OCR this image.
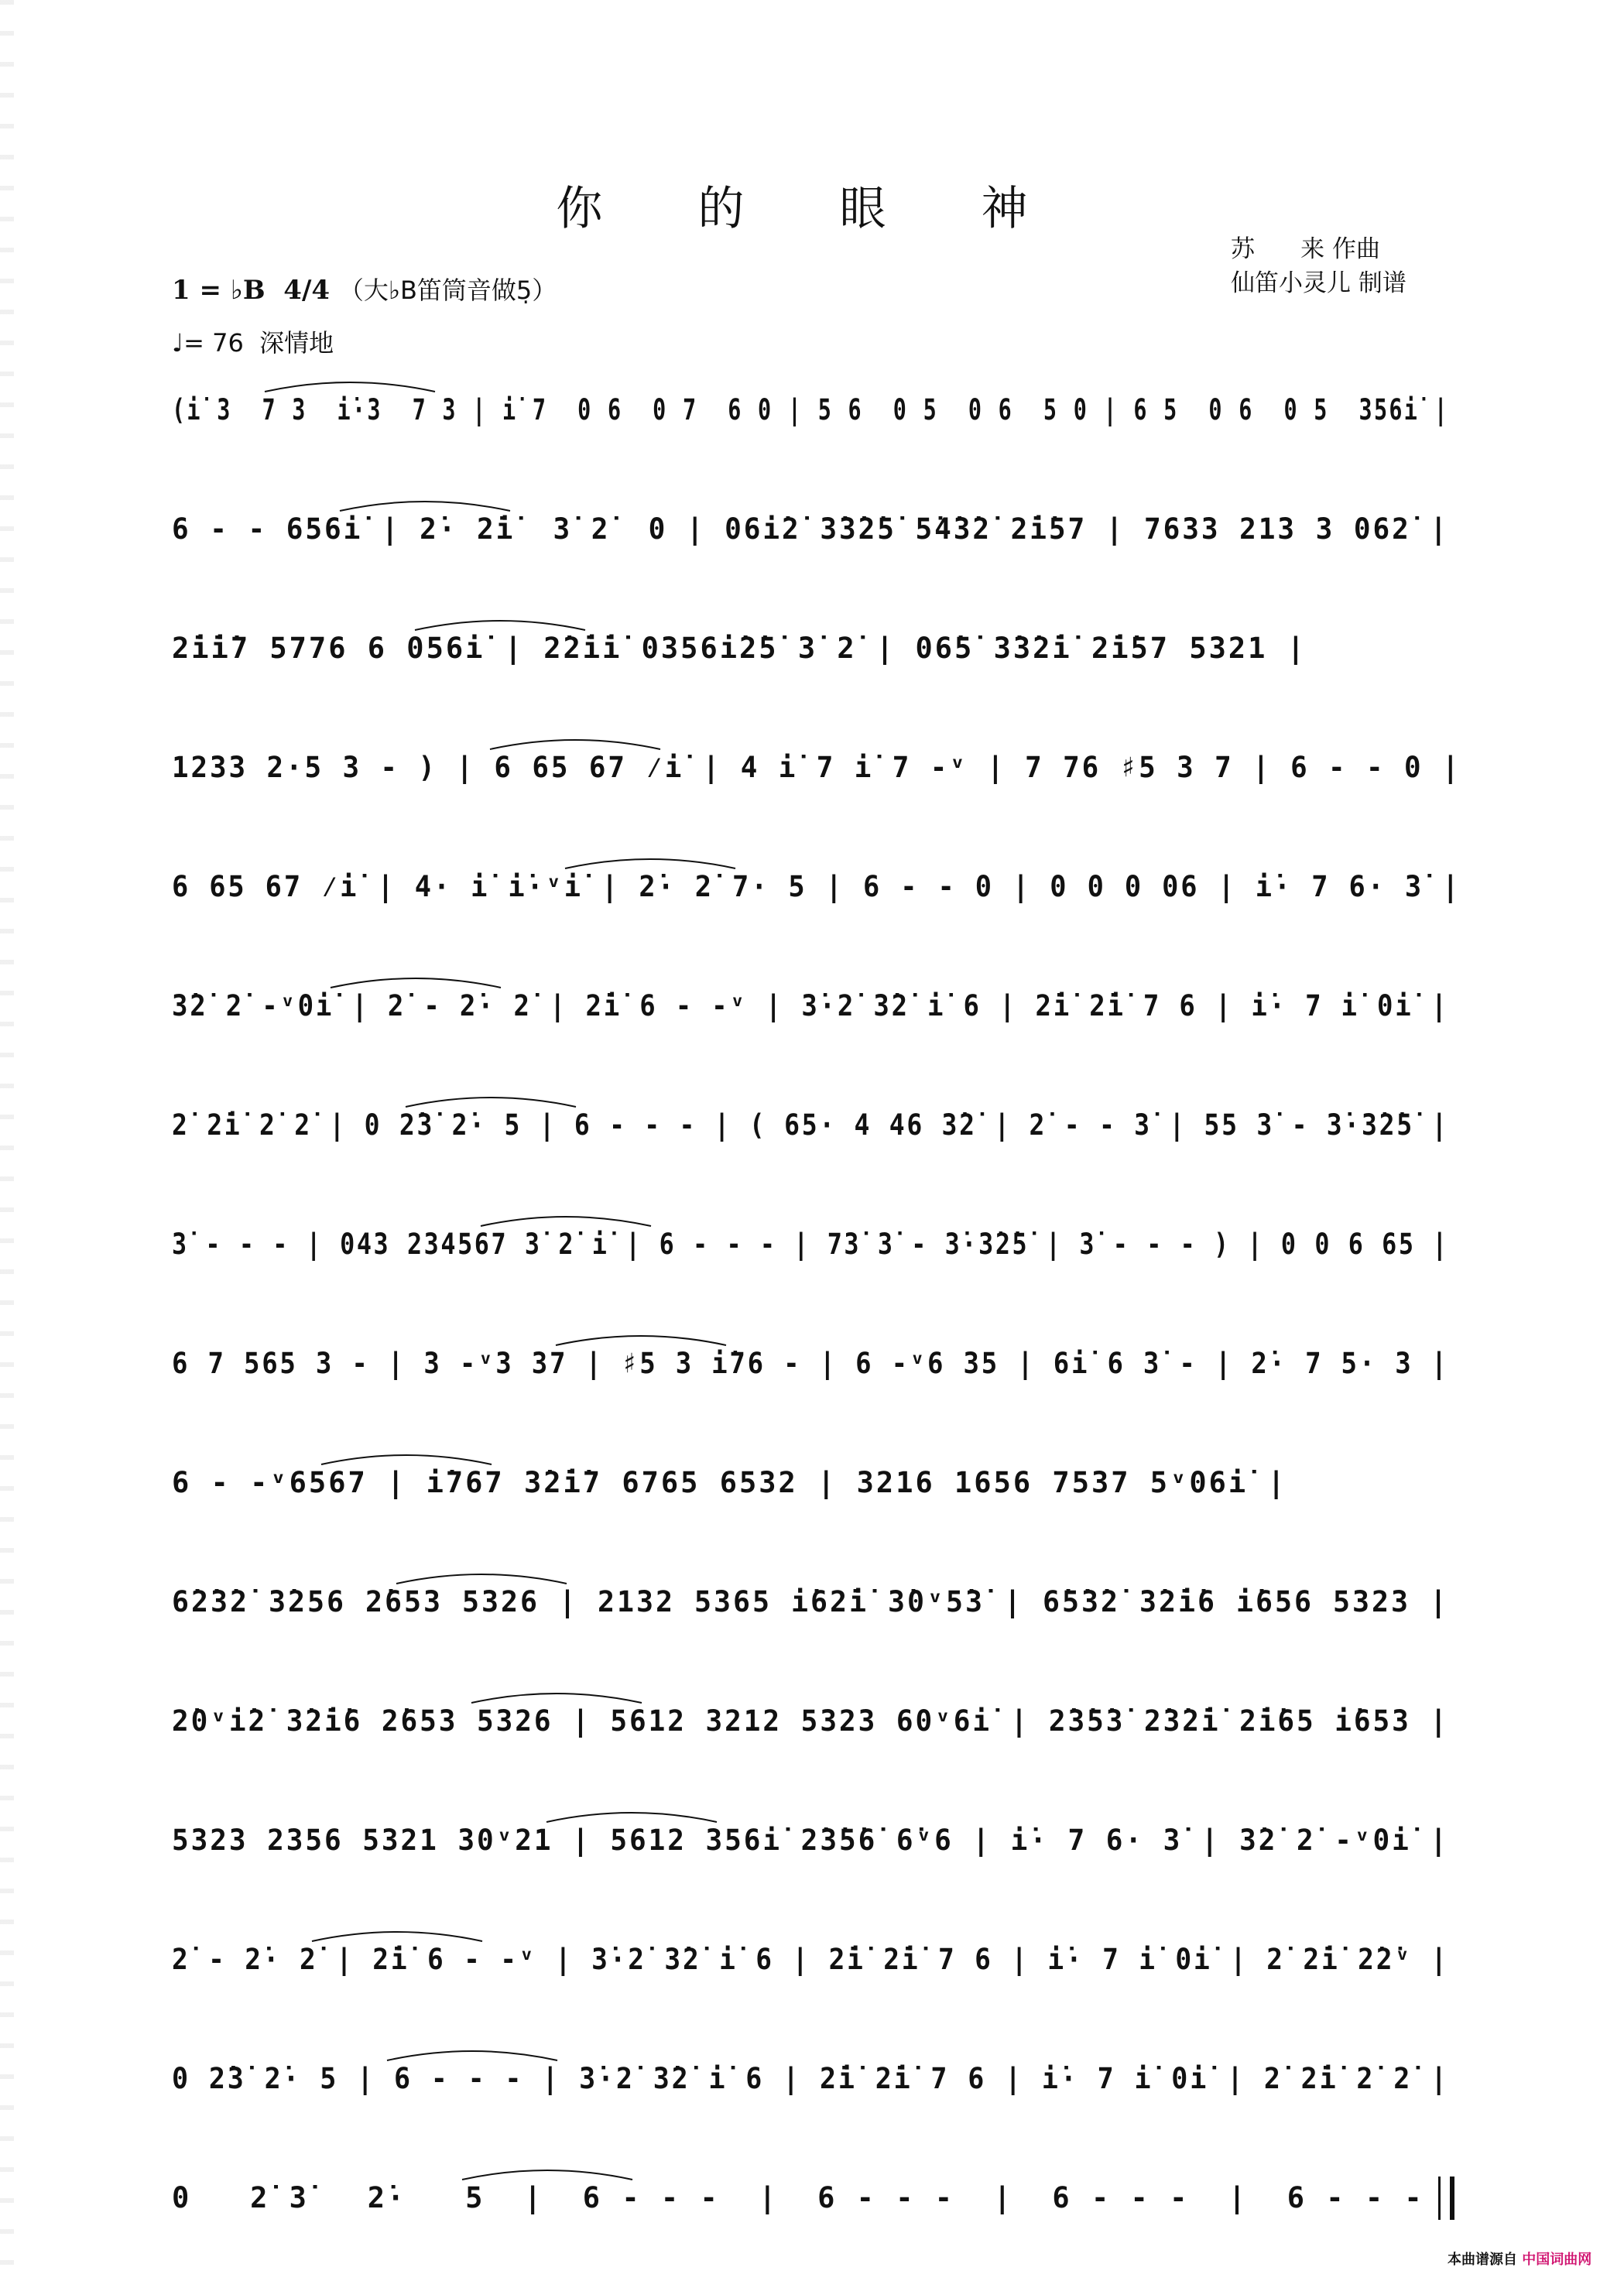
你 的 眼 神
苏      来 作曲
仙笛小灵儿 制谱
1 = ♭B 4/4 （大♭B笛筒音做5̣）
♩= 76 深情地
(i̇ 3  7 3  i̇·3  7 3 | i̇ 7  0 6  0 7  6 0 | 5 6  0 5  0 6  5 0 | 6 5  0 6  0 5  356i̇ |
6 - - 656i̇ | 2̇· 2̇i̇  3̇ 2̇  0 | 06i̇2̇ 3̇3̇2̇5̇ 5̇4̇3̇2̇ 2̇i̇57 | 7633 213 3 062̇ |
2̇i̇i̇7 5776 6 056i̇ | 2̇2̇i̇i̇ 0356i̇2̇5̇ 3̇ 2̇ | 06̇5̇ 3̇3̇2̇i̇ 2̇i̇57 5321 |
1233 2·5 3 - ) | 6 65 67 ⁄i̇ | 4 i̇ 7 i̇ 7 -ᵛ | 7 76 ♯5 3 7 | 6 - - 0 |
6 65 67 ⁄i̇ | 4· i̇ i̇·ᵛi̇ | 2̇· 2̇ 7· 5 | 6 - - 0 | 0 0 0 06 | i̇· 7 6· 3̇ |
3̇2̇ 2̇ -ᵛ0i̇ | 2̇ - 2̇· 2̇ | 2̇i̇ 6 - -ᵛ | 3̇·2̇ 3̇2̇ i̇ 6 | 2̇i̇ 2̇i̇ 7 6 | i̇· 7 i̇ 0i̇ |
2̇ 2̇i̇ 2̇ 2̇ | 0 2̇3̇ 2̇· 5 | 6 - - - | ( 65· 4 46 3̇2̇ | 2̇ - - 3̇ | 55 3̇ - 3̇·3̇2̇5̇ |
3̇ - - - | 043 234567 3̇ 2̇ i̇ | 6 - - - | 73̇ 3̇ - 3̇·3̇2̇5̇ | 3̇ - - - ) | 0 0 6 65 |
6 7 565 3 - | 3 -ᵛ3 37 | ♯5 3 i̇76 - | 6 -ᵛ6 35 | 6i̇ 6 3̇ - | 2̇· 7 5· 3 |
6 - -ᵛ6567 | i̇767 3̇2̇i̇7 6765 6532 | 3216 1656 7537 5ᵛ06i̇ |
6̇2̇3̇2̇ 3̇256 2̇653 5326 | 2132 5365 i̇62̇i̇ 3̇0ᵛ5̇3̇ | 6̇5̇3̇2̇ 3̇2̇i̇6 i̇656 5323 |
2̇0ᵛi̇2̇ 3̇2̇i̇6 2̇653 5326 | 5612 3212 5323 60ᵛ6i̇ | 2̇3̇5̇3̇ 2̇3̇2̇i̇ 2̇i̇65 i̇653 |
5323 2356 5321 30ᵛ21 | 5612 356i̇ 2̇3̇5̇6̇ 6̇ᵛ6 | i̇· 7 6· 3̇ | 3̇2̇ 2̇ -ᵛ0i̇ |
2̇ - 2̇· 2̇ | 2̇i̇ 6 - -ᵛ | 3̇·2̇ 3̇2̇ i̇ 6 | 2̇i̇ 2̇i̇ 7 6 | i̇· 7 i̇ 0i̇ | 2̇ 2̇i̇ 2̇2̇ᵛ |
0 2̇3̇ 2̇· 5 | 6 - - - | 3̇·2̇ 3̇2̇ i̇ 6 | 2̇i̇ 2̇i̇ 7 6 | i̇· 7 i̇ 0i̇ | 2̇ 2̇i̇ 2̇ 2̇ |
0   2̇ 3̇   2̇·   5  |  6 - - -  |  6 - - -  |  6 - - -  |  6 - - -
本曲谱源自 中国词曲网
